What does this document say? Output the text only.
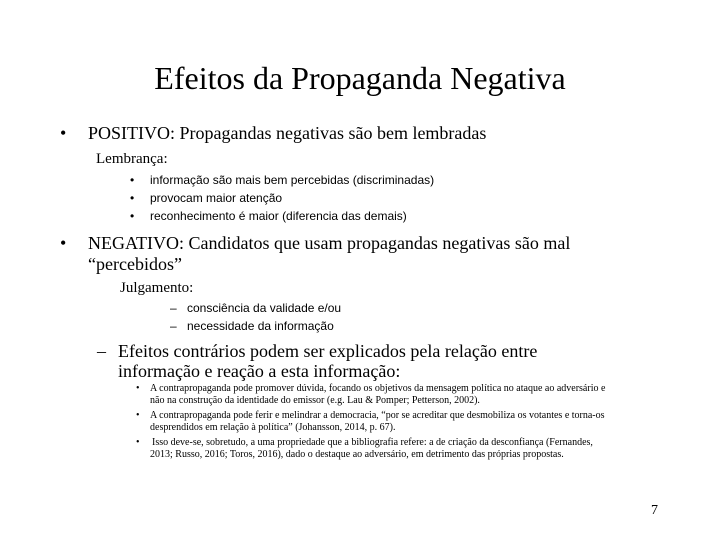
Efeitos da Propaganda Negativa
• POSITIVO: Propagandas negativas são bem lembradas
Lembrança:
• informação são mais bem percebidas (discriminadas)
• provocam maior atenção
• reconhecimento é maior (diferencia das demais)
• NEGATIVO: Candidatos que usam propagandas negativas são mal
“percebidos”
Julgamento:
– consciência da validade e/ou
– necessidade da informação
– Efeitos contrários podem ser explicados pela relação entre
informação e reação a esta informação:
• A contrapropaganda pode promover dúvida, focando os objetivos da mensagem política no ataque ao adversário e
não na construção da identidade do emissor (e.g. Lau & Pomper; Petterson, 2002).
• A contrapropaganda pode ferir e melindrar a democracia, “por se acreditar que desmobiliza os votantes e torna-os
desprendidos em relação à política” (Johansson, 2014, p. 67).
• Isso deve-se, sobretudo, a uma propriedade que a bibliografia refere: a de criação da desconfiança (Fernandes,
2013; Russo, 2016; Toros, 2016), dado o destaque ao adversário, em detrimento das próprias propostas.
7
